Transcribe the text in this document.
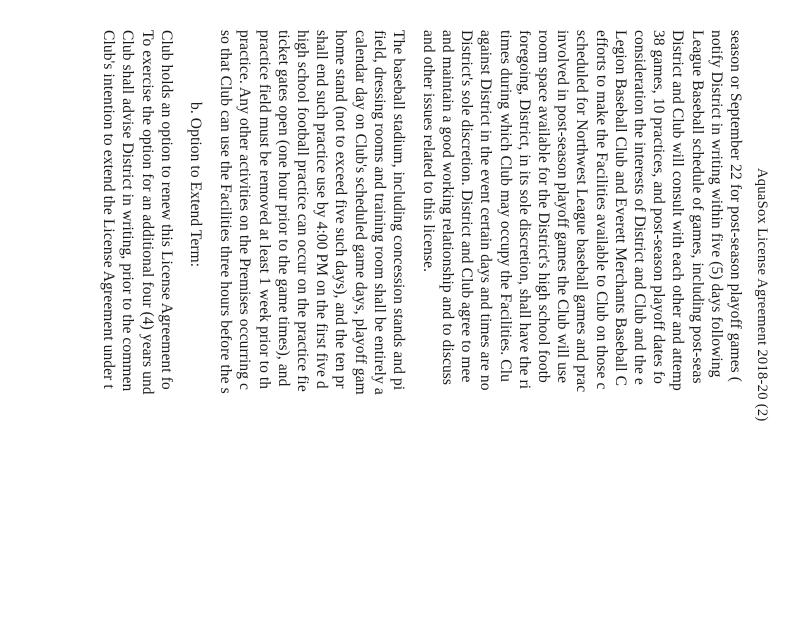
season or September 22 for post-season playoff games (
notify District in writing within five (5) days following
League Baseball schedule of games, including post-seas
District and Club will consult with each other and attemp
38 games, 10 practices, and post-season playoff dates fo
consideration the interests of District and Club and the e
Legion Baseball Club and Everett Merchants Baseball C
efforts to make the Facilities available to Club on those c
scheduled for Northwest League baseball games and prac
involved in post-season playoff games the Club will use
room space available for the District's high school footb
foregoing, District, in its sole discretion, shall have the ri
times during which Club may occupy the Facilities. Clu
against District in the event certain days and times are no
District's sole discretion. District and Club agree to mee
and maintain a good working relationship and to discuss
and other issues related to this license.
The baseball stadium, including concession stands and pi
field, dressing rooms and training room shall be entirely a
calendar day on Club's scheduled game days, playoff gam
home stand (not to exceed five such days), and the ten pr
shall end such practice use by 4:00 PM on the first five d
high school football practice can occur on the practice fie
ticket gates open (one hour prior to the game times), and
practice field must be removed at least 1 week prior to th
practice. Any other activities on the Premises occurring c
so that Club can use the Facilities three hours before the s
b. Option to Extend Term:
Club holds an option to renew this License Agreement fo
To exercise the option for an additional four (4) years und
Club shall advise District in writing, prior to the commen
Club's intention to extend the License Agreement under t	AquaSox License Agreement 2018-20 (2)
